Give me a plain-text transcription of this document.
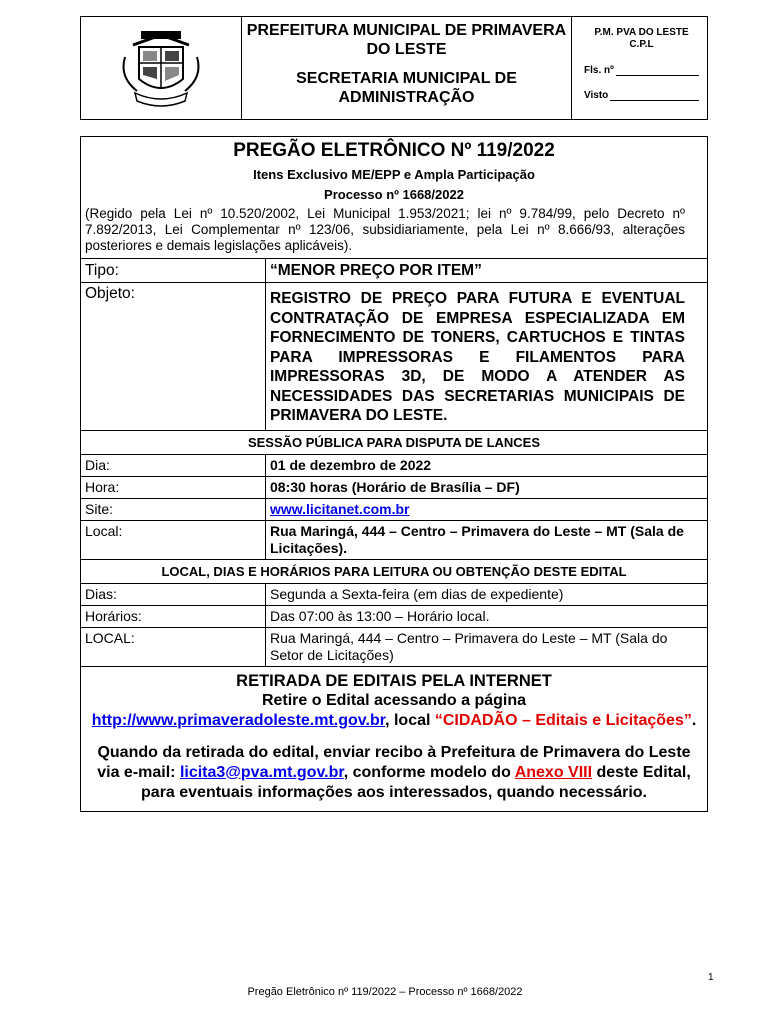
PREFEITURA MUNICIPAL DE PRIMAVERA DO LESTE
SECRETARIA MUNICIPAL DE ADMINISTRAÇÃO
P.M. PVA DO LESTE C.P.L
Fls. nº
Visto
PREGÃO ELETRÔNICO Nº 119/2022
Itens Exclusivo ME/EPP e Ampla Participação
Processo nº 1668/2022
(Regido pela Lei nº 10.520/2002, Lei Municipal 1.953/2021; lei nº 9.784/99, pelo Decreto nº 7.892/2013, Lei Complementar nº 123/06, subsidiariamente, pela Lei nº 8.666/93, alterações posteriores e demais legislações aplicáveis).
Tipo:	“MENOR PREÇO POR ITEM”
Objeto:	REGISTRO DE PREÇO PARA FUTURA E EVENTUAL CONTRATAÇÃO DE EMPRESA ESPECIALIZADA EM FORNECIMENTO DE TONERS, CARTUCHOS E TINTAS PARA IMPRESSORAS E FILAMENTOS PARA IMPRESSORAS 3D, DE MODO A ATENDER AS NECESSIDADES DAS SECRETARIAS MUNICIPAIS DE PRIMAVERA DO LESTE.
SESSÃO PÚBLICA PARA DISPUTA DE LANCES	
Dia:	01 de dezembro de 2022
Hora:	08:30 horas (Horário de Brasília – DF)
Site:	www.licitanet.com.br
Local:	Rua Maringá, 444 – Centro – Primavera do Leste – MT (Sala de Licitações).
LOCAL, DIAS E HORÁRIOS PARA LEITURA OU OBTENÇÃO DESTE EDITAL	
Dias:	Segunda a Sexta-feira (em dias de expediente)
Horários:	Das 07:00 às 13:00 – Horário local.
LOCAL:	Rua Maringá, 444 – Centro – Primavera do Leste – MT (Sala do Setor de Licitações)
RETIRADA DE EDITAIS PELA INTERNET
Retire o Edital acessando a página
http://www.primaveradoleste.mt.gov.br, local “CIDADÃO – Editais e Licitações”.
Quando da retirada do edital, enviar recibo à Prefeitura de Primavera do Leste via e-mail: licita3@pva.mt.gov.br, conforme modelo do Anexo VIII deste Edital, para eventuais informações aos interessados, quando necessário.
1
Pregão Eletrônico nº 119/2022 – Processo nº 1668/2022
